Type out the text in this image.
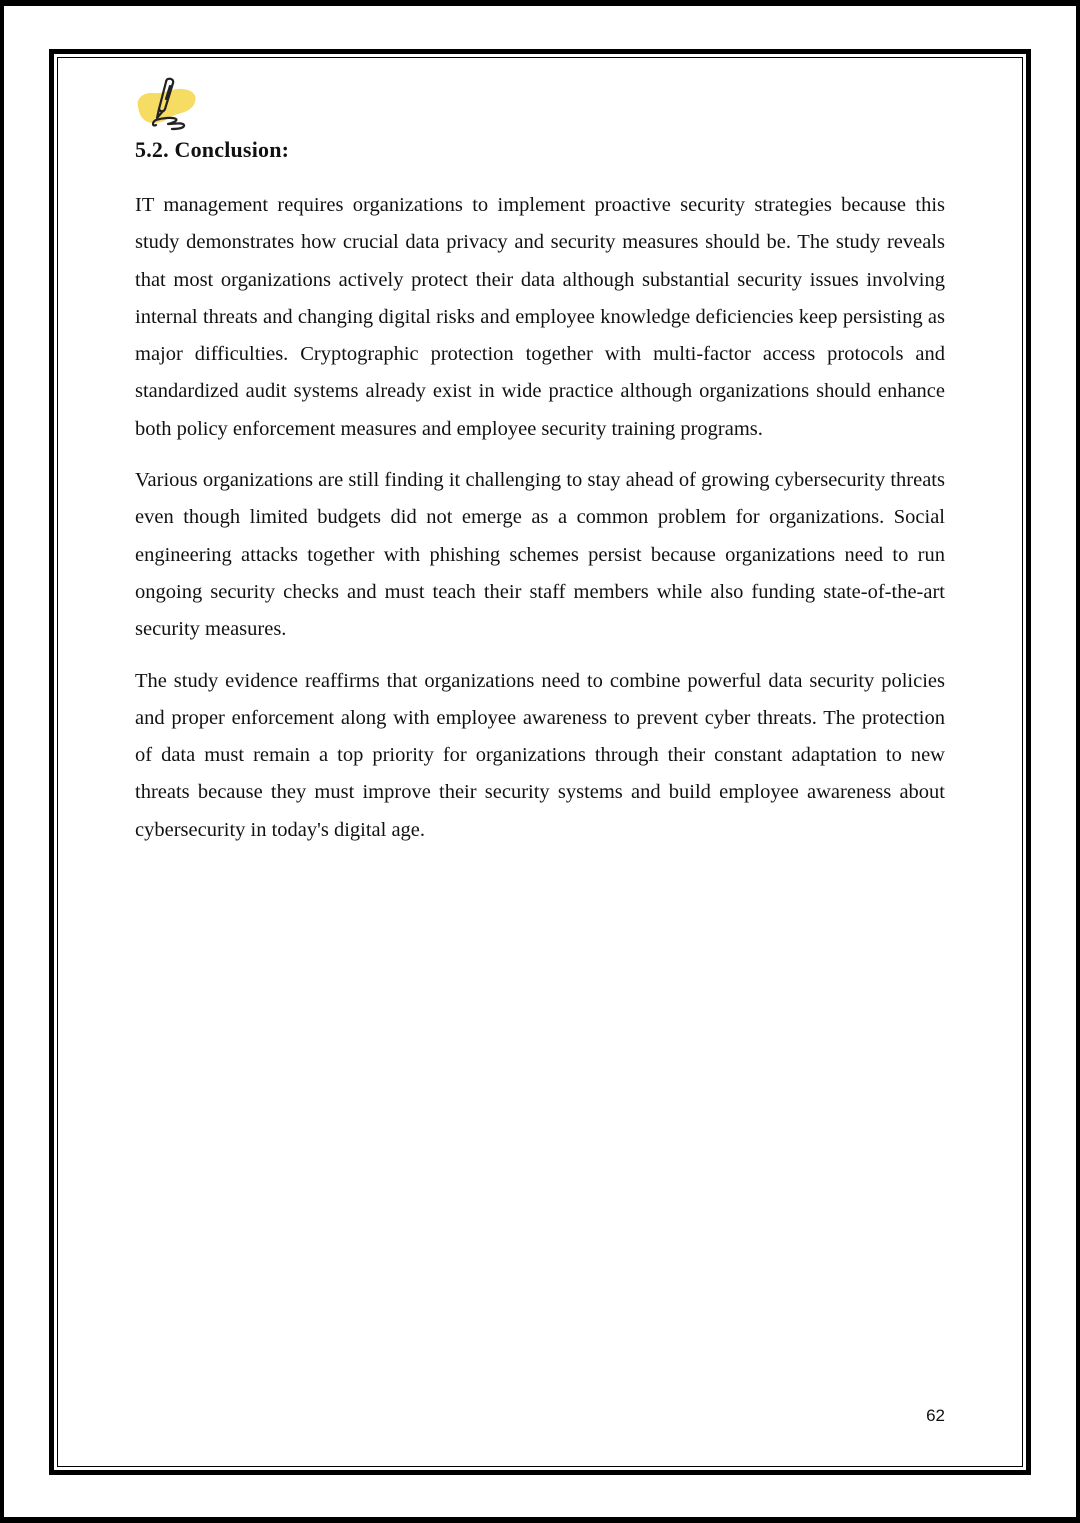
5.2. Conclusion:

IT management requires organizations to implement proactive security strategies because this study demonstrates how crucial data privacy and security measures should be. The study reveals that most organizations actively protect their data although substantial security issues involving internal threats and changing digital risks and employee knowledge deficiencies keep persisting as major difficulties. Cryptographic protection together with multi-factor access protocols and standardized audit systems already exist in wide practice although organizations should enhance both policy enforcement measures and employee security training programs.

Various organizations are still finding it challenging to stay ahead of growing cybersecurity threats even though limited budgets did not emerge as a common problem for organizations. Social engineering attacks together with phishing schemes persist because organizations need to run ongoing security checks and must teach their staff members while also funding state-of-the-art security measures.

The study evidence reaffirms that organizations need to combine powerful data security policies and proper enforcement along with employee awareness to prevent cyber threats. The protection of data must remain a top priority for organizations through their constant adaptation to new threats because they must improve their security systems and build employee awareness about cybersecurity in today's digital age.

62
